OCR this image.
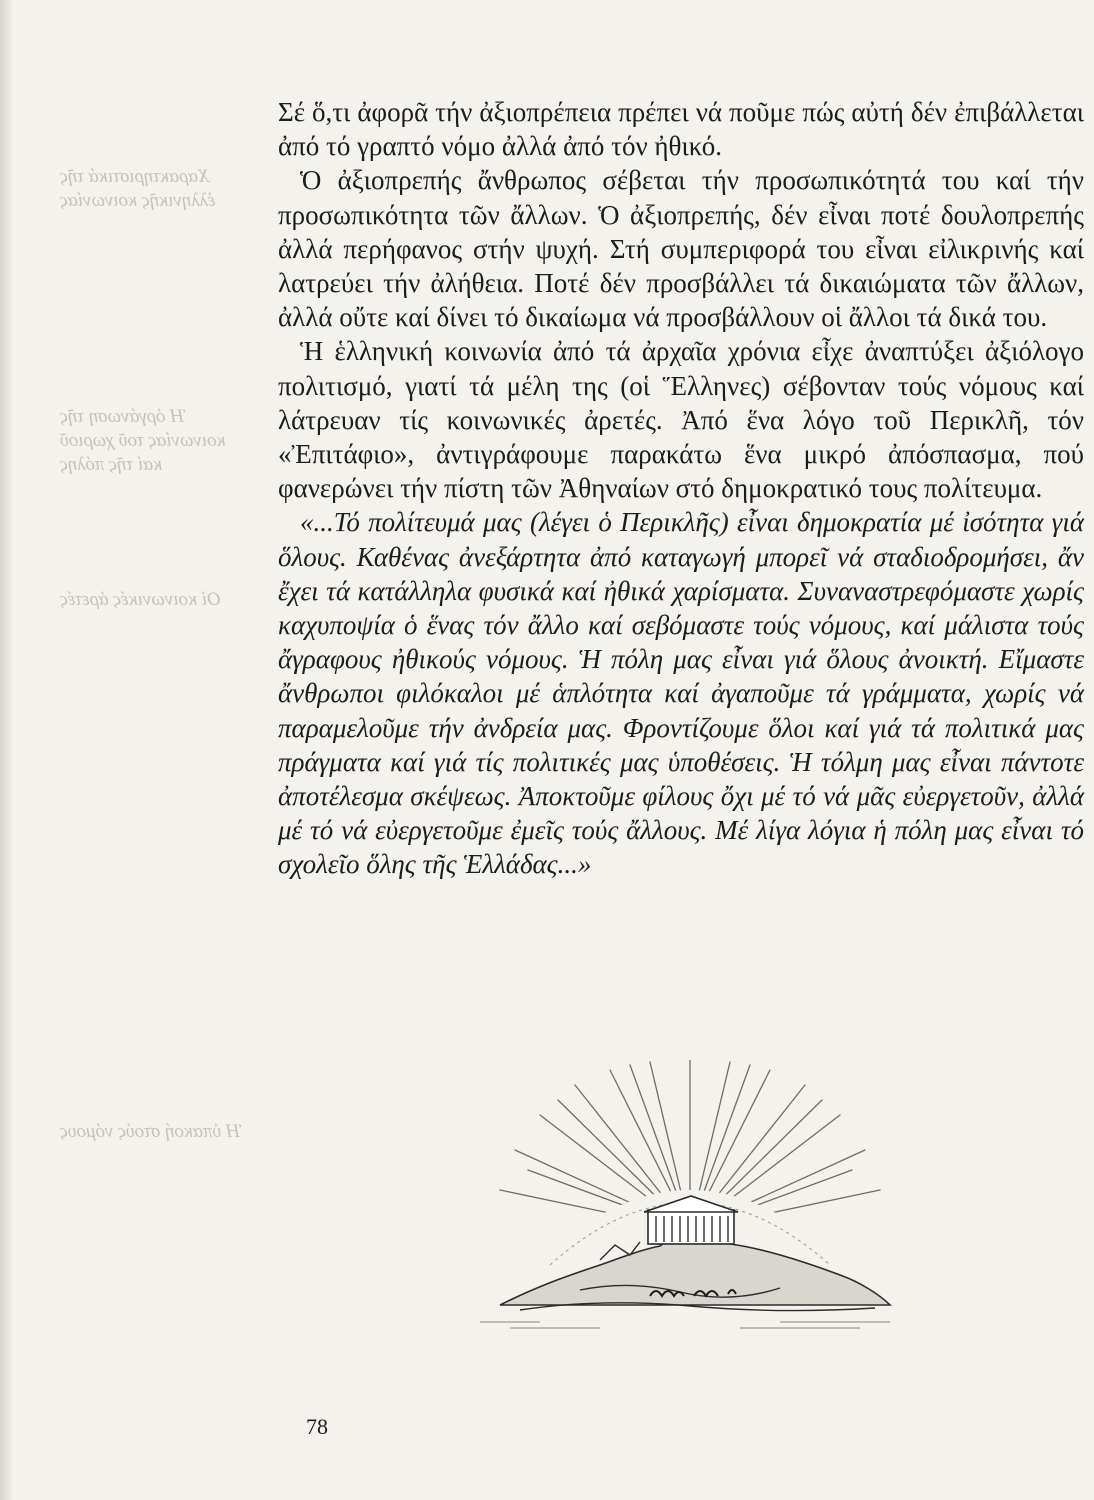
Χαρακτηριστικά τῆς ἑλληνικῆς κοινωνίας
Ἡ ὀργάνωση τῆς κοινωνίας τοῦ χωριοῦ καί τῆς πόλης
Οἱ κοινωνικές ἀρετές
Ἡ ὑπακοή στούς νόμους

Σέ ὅ,τι ἀφορᾶ τήν ἀξιοπρέπεια πρέπει νά ποῦμε πώς αὐτή δέν ἐπιβάλλεται ἀπό τό γραπτό νόμο ἀλλά ἀπό τόν ἠθικό.

Ὁ ἀξιοπρεπής ἄνθρωπος σέβεται τήν προσωπικότητά του καί τήν προσωπικότητα τῶν ἄλλων. Ὁ ἀξιοπρεπής, δέν εἶναι ποτέ δουλοπρεπής ἀλλά περήφανος στήν ψυχή. Στή συμπεριφορά του εἶναι εἰλικρινής καί λατρεύει τήν ἀλήθεια. Ποτέ δέν προσβάλλει τά δικαιώματα τῶν ἄλλων, ἀλλά οὔτε καί δίνει τό δικαίωμα νά προσβάλλουν οἱ ἄλλοι τά δικά του.

Ἡ ἑλληνική κοινωνία ἀπό τά ἀρχαῖα χρόνια εἶχε ἀναπτύξει ἀξιόλογο πολιτισμό, γιατί τά μέλη της (οἱ Ἕλληνες) σέβονταν τούς νόμους καί λάτρευαν τίς κοινωνικές ἀρετές. Ἀπό ἕνα λόγο τοῦ Περικλῆ, τόν «Ἐπιτάφιο», ἀντιγράφουμε παρακάτω ἕνα μικρό ἀπόσπασμα, πού φανερώνει τήν πίστη τῶν Ἀθηναίων στό δημοκρατικό τους πολίτευμα.

«...Τό πολίτευμά μας (λέγει ὁ Περικλῆς) εἶναι δημοκρατία μέ ἰσότητα γιά ὅλους. Καθένας ἀνεξάρτητα ἀπό καταγωγή μπορεῖ νά σταδιοδρομήσει, ἄν ἔχει τά κατάλληλα φυσικά καί ἠθικά χαρίσματα. Συναναστρεφόμαστε χωρίς καχυποψία ὁ ἕνας τόν ἄλλο καί σεβόμαστε τούς νόμους, καί μάλιστα τούς ἄγραφους ἠθικούς νόμους. Ἡ πόλη μας εἶναι γιά ὅλους ἀνοικτή. Εἴμαστε ἄνθρωποι φιλόκαλοι μέ ἁπλότητα καί ἀγαποῦμε τά γράμματα, χωρίς νά παραμελοῦμε τήν ἀνδρεία μας. Φροντίζουμε ὅλοι καί γιά τά πολιτικά μας πράγματα καί γιά τίς πολιτικές μας ὑποθέσεις. Ἡ τόλμη μας εἶναι πάντοτε ἀποτέλεσμα σκέψεως. Ἀποκτοῦμε φίλους ὄχι μέ τό νά μᾶς εὐεργετοῦν, ἀλλά μέ τό νά εὐεργετοῦμε ἐμεῖς τούς ἄλλους. Μέ λίγα λόγια ἡ πόλη μας εἶναι τό σχολεῖο ὅλης τῆς Ἑλλάδας...»

78
